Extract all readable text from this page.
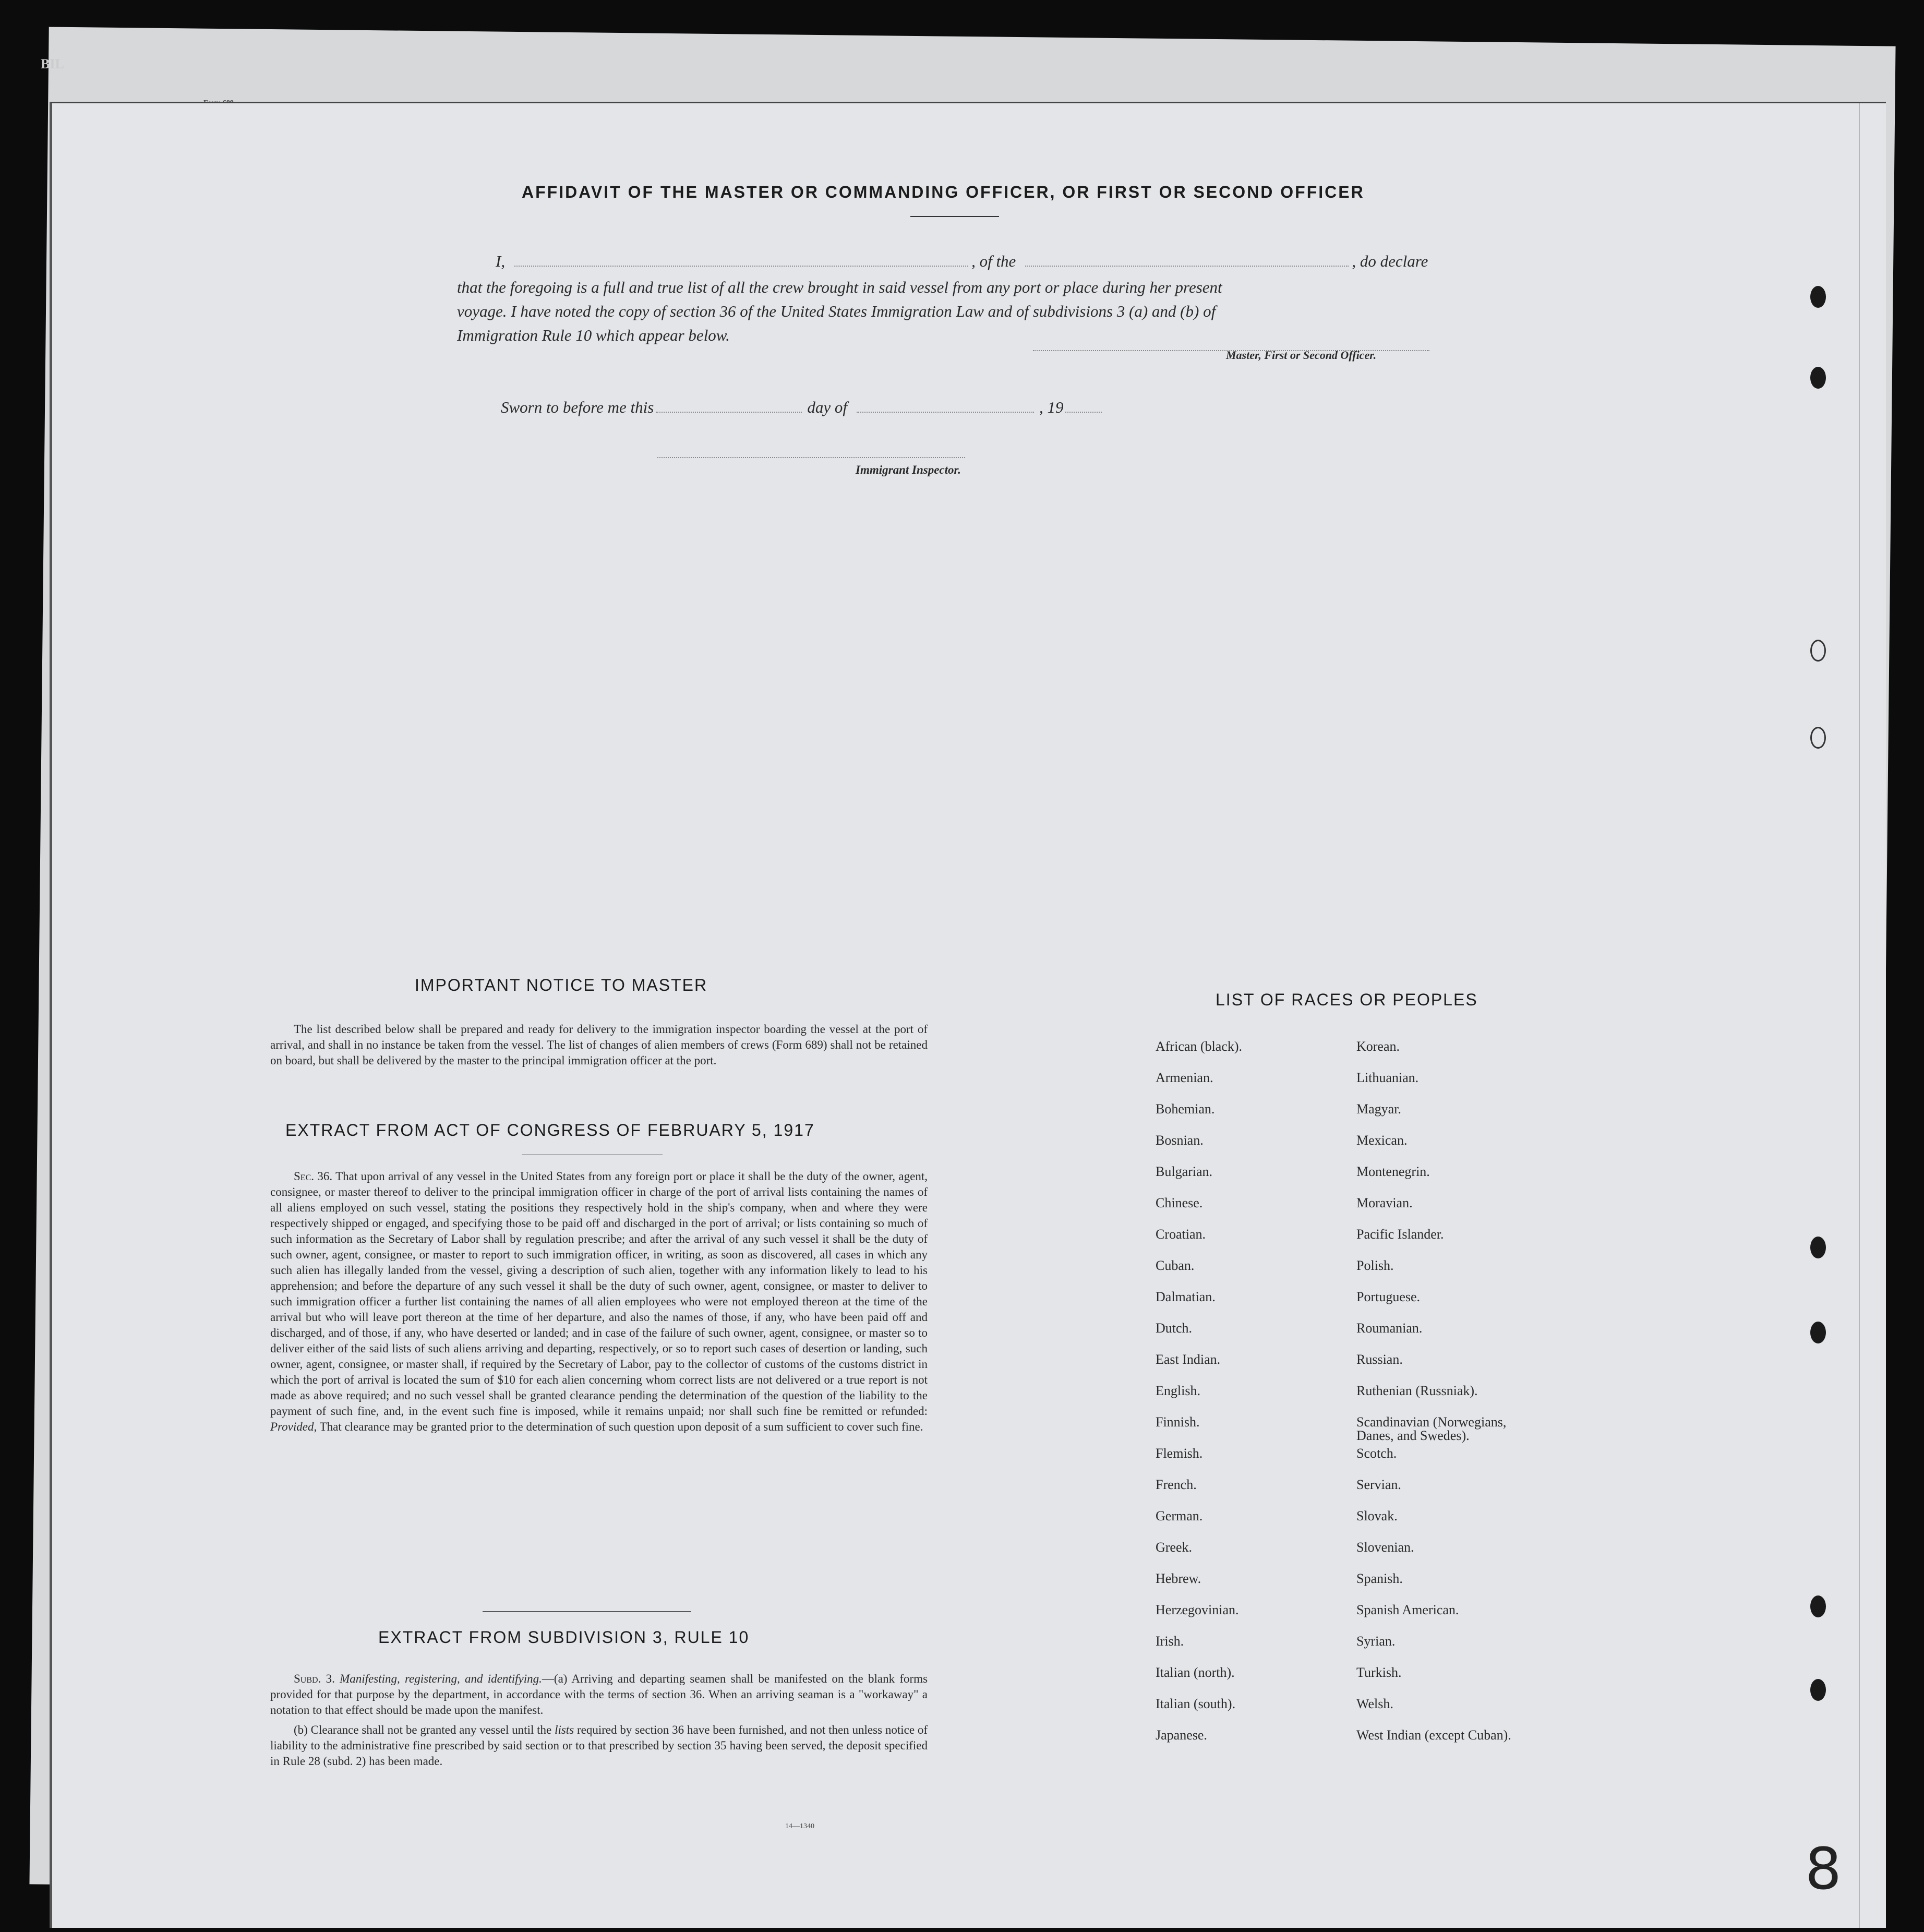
BIL
AFFIDAVIT OF THE MASTER OR COMMANDING OFFICER, OR FIRST OR SECOND OFFICER
I,	, of the	, do declare
that the foregoing is a full and true list of all the crew brought in said vessel from any port or place during her present
voyage. I have noted the copy of section 36 of the United States Immigration Law and of subdivisions 3 (a) and (b) of
Immigration Rule 10 which appear below.
Master, First or Second Officer.
Sworn to before me this	day of	, 19
Immigrant Inspector.
IMPORTANT NOTICE TO MASTER

The list described below shall be prepared and ready for delivery to the immigration inspector boarding the vessel at the port of arrival, and shall in no instance be taken from the vessel. The list of changes of alien members of crews (Form 689) shall not be retained on board, but shall be delivered by the master to the principal immigration officer at the port.

EXTRACT FROM ACT OF CONGRESS OF FEBRUARY 5, 1917

Sec. 36. That upon arrival of any vessel in the United States from any foreign port or place it shall be the duty of the owner, agent, consignee, or master thereof to deliver to the principal immigration officer in charge of the port of arrival lists containing the names of all aliens employed on such vessel, stating the positions they respectively hold in the ship's company, when and where they were respectively shipped or engaged, and specifying those to be paid off and discharged in the port of arrival; or lists containing so much of such information as the Secretary of Labor shall by regulation prescribe; and after the arrival of any such vessel it shall be the duty of such owner, agent, consignee, or master to report to such immigration officer, in writing, as soon as discovered, all cases in which any such alien has illegally landed from the vessel, giving a description of such alien, together with any information likely to lead to his apprehension; and before the departure of any such vessel it shall be the duty of such owner, agent, consignee, or master to deliver to such immigration officer a further list containing the names of all alien employees who were not employed thereon at the time of the arrival but who will leave port thereon at the time of her departure, and also the names of those, if any, who have been paid off and discharged, and of those, if any, who have deserted or landed; and in case of the failure of such owner, agent, consignee, or master so to deliver either of the said lists of such aliens arriving and departing, respectively, or so to report such cases of desertion or landing, such owner, agent, consignee, or master shall, if required by the Secretary of Labor, pay to the collector of customs of the customs district in which the port of arrival is located the sum of $10 for each alien concerning whom correct lists are not delivered or a true report is not made as above required; and no such vessel shall be granted clearance pending the determination of the question of the liability to the payment of such fine, and, in the event such fine is imposed, while it remains unpaid; nor shall such fine be remitted or refunded: Provided, That clearance may be granted prior to the determination of such question upon deposit of a sum sufficient to cover such fine.

EXTRACT FROM SUBDIVISION 3, RULE 10

Subd. 3. Manifesting, registering, and identifying.—(a) Arriving and departing seamen shall be manifested on the blank forms provided for that purpose by the department, in accordance with the terms of section 36. When an arriving seaman is a "workaway" a notation to that effect should be made upon the manifest.

(b) Clearance shall not be granted any vessel until the lists required by section 36 have been furnished, and not then unless notice of liability to the administrative fine prescribed by said section or to that prescribed by section 35 having been served, the deposit specified in Rule 28 (subd. 2) has been made.

14—1340
LIST OF RACES OR PEOPLES
African (black).	Korean.
Armenian.	Lithuanian.
Bohemian.	Magyar.
Bosnian.	Mexican.
Bulgarian.	Montenegrin.
Chinese.	Moravian.
Croatian.	Pacific Islander.
Cuban.	Polish.
Dalmatian.	Portuguese.
Dutch.	Roumanian.
East Indian.	Russian.
English.	Ruthenian (Russniak).
Finnish.	Scandinavian (Norwegians,
Danes, and Swedes).
Flemish.	Scotch.
French.	Servian.
German.	Slovak.
Greek.	Slovenian.
Hebrew.	Spanish.
Herzegovinian.	Spanish American.
Irish.	Syrian.
Italian (north).	Turkish.
Italian (south).	Welsh.
Japanese.	West Indian (except Cuban).
8
